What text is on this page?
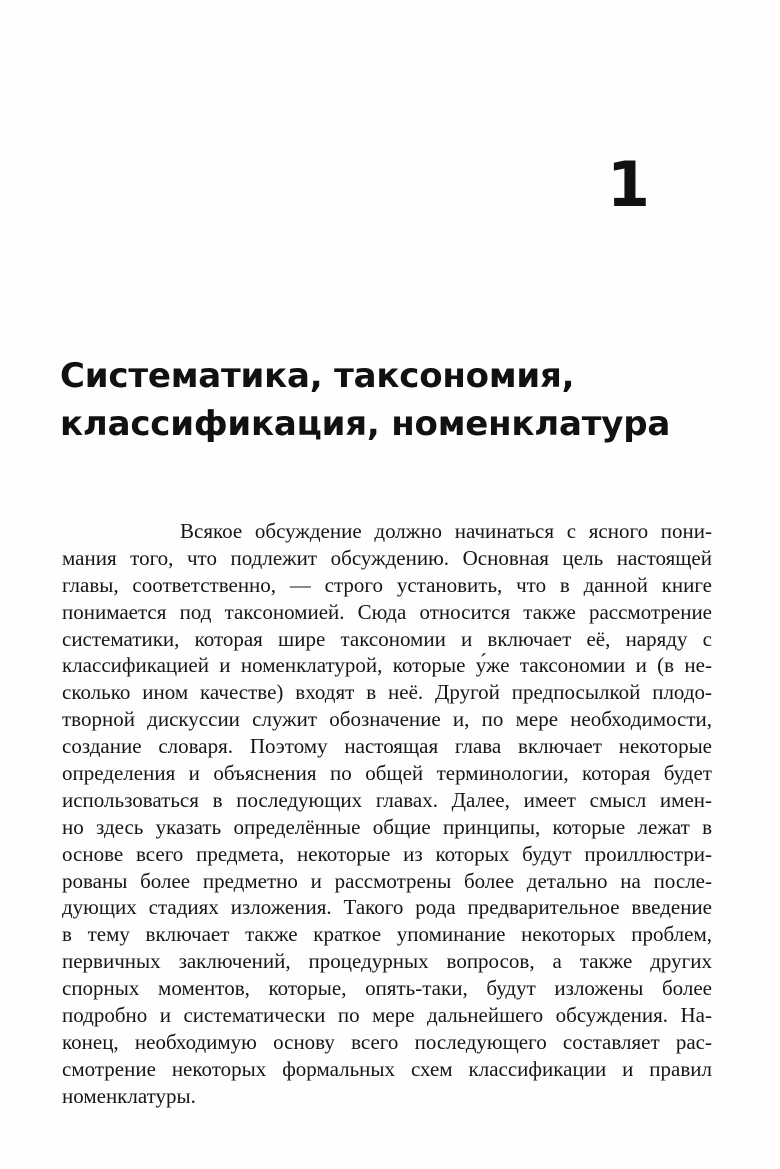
1
Систематика, таксономия,
классификация, номенклатура
Всякое обсуждение должно начинаться с ясного пони-
мания того, что подлежит обсуждению. Основная цель настоящей
главы, соответственно, — строго установить, что в данной книге
понимается под таксономией. Сюда относится также рассмотрение
систематики, которая шире таксономии и включает её, наряду с
классификацией и номенклатурой, которые у́же таксономии и (в не-
сколько ином качестве) входят в неё. Другой предпосылкой плодо-
творной дискуссии служит обозначение и, по мере необходимости,
создание словаря. Поэтому настоящая глава включает некоторые
определения и объяснения по общей терминологии, которая будет
использоваться в последующих главах. Далее, имеет смысл имен-
но здесь указать определённые общие принципы, которые лежат в
основе всего предмета, некоторые из которых будут проиллюстри-
рованы более предметно и рассмотрены более детально на после-
дующих стадиях изложения. Такого рода предварительное введение
в тему включает также краткое упоминание некоторых проблем,
первичных заключений, процедурных вопросов, а также других
спорных моментов, которые, опять-таки, будут изложены более
подробно и систематически по мере дальнейшего обсуждения. На-
конец, необходимую основу всего последующего составляет рас-
смотрение некоторых формальных схем классификации и правил
номенклатуры.
